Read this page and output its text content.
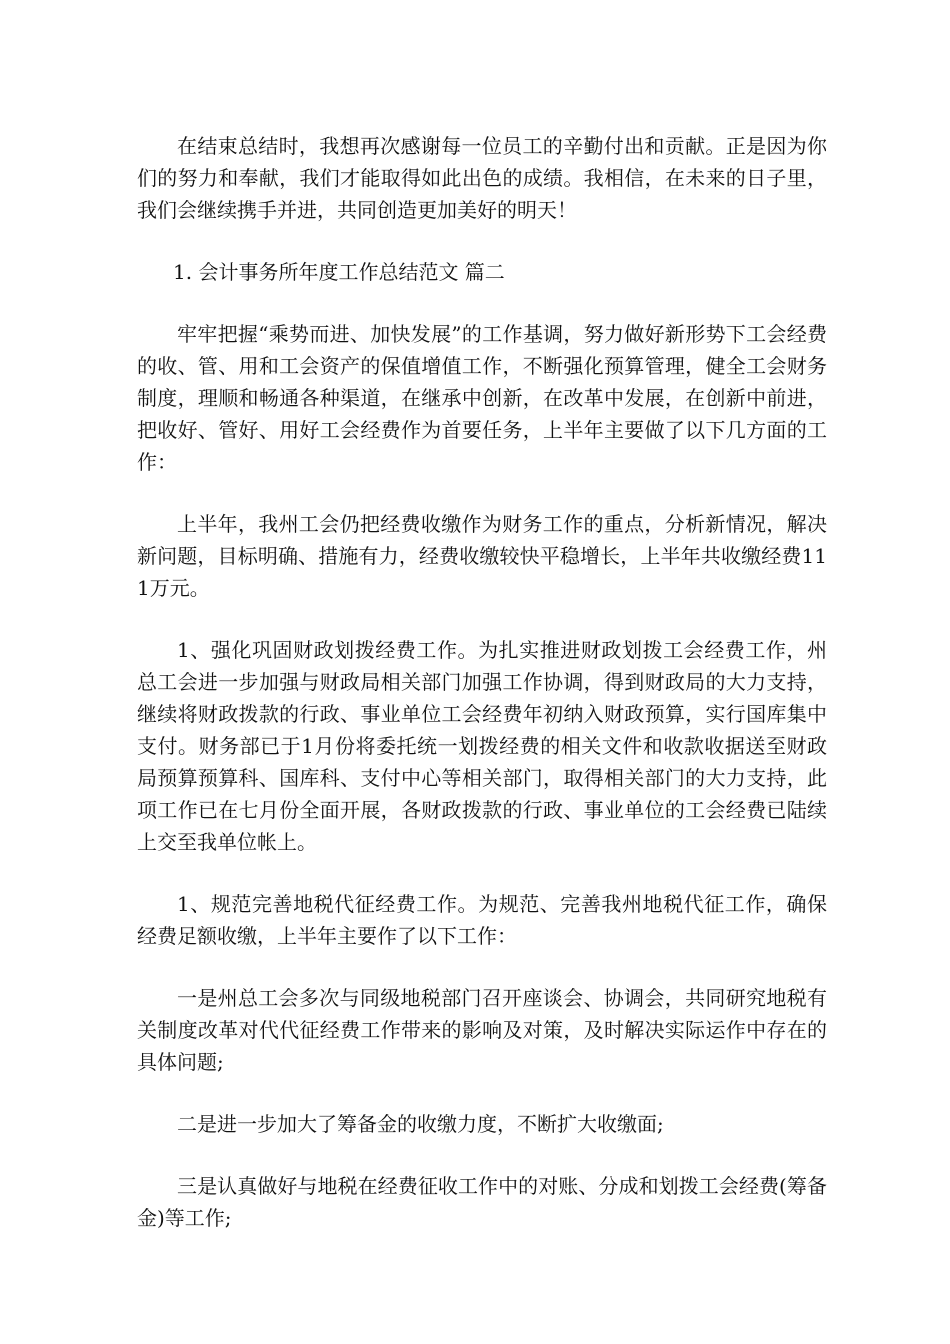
在结束总结时，我想再次感谢每一位员工的辛勤付出和贡献。正是因为你们的努力和奉献，我们才能取得如此出色的成绩。我相信，在未来的日子里，我们会继续携手并进，共同创造更加美好的明天！

1. 会计事务所年度工作总结范文 篇二

牢牢把握“乘势而进、加快发展”的工作基调，努力做好新形势下工会经费的收、管、用和工会资产的保值增值工作，不断强化预算管理，健全工会财务制度，理顺和畅通各种渠道，在继承中创新，在改革中发展，在创新中前进，把收好、管好、用好工会经费作为首要任务，上半年主要做了以下几方面的工作：

上半年，我州工会仍把经费收缴作为财务工作的重点，分析新情况，解决新问题，目标明确、措施有力，经费收缴较快平稳增长，上半年共收缴经费111万元。

1、强化巩固财政划拨经费工作。为扎实推进财政划拨工会经费工作，州总工会进一步加强与财政局相关部门加强工作协调，得到财政局的大力支持，继续将财政拨款的行政、事业单位工会经费年初纳入财政预算，实行国库集中支付。财务部已于1月份将委托统一划拨经费的相关文件和收款收据送至财政局预算预算科、国库科、支付中心等相关部门，取得相关部门的大力支持，此项工作已在七月份全面开展，各财政拨款的行政、事业单位的工会经费已陆续上交至我单位帐上。

1、规范完善地税代征经费工作。为规范、完善我州地税代征工作，确保经费足额收缴，上半年主要作了以下工作：

一是州总工会多次与同级地税部门召开座谈会、协调会，共同研究地税有关制度改革对代代征经费工作带来的影响及对策，及时解决实际运作中存在的具体问题;

二是进一步加大了筹备金的收缴力度，不断扩大收缴面;

三是认真做好与地税在经费征收工作中的对账、分成和划拨工会经费(筹备金)等工作;
